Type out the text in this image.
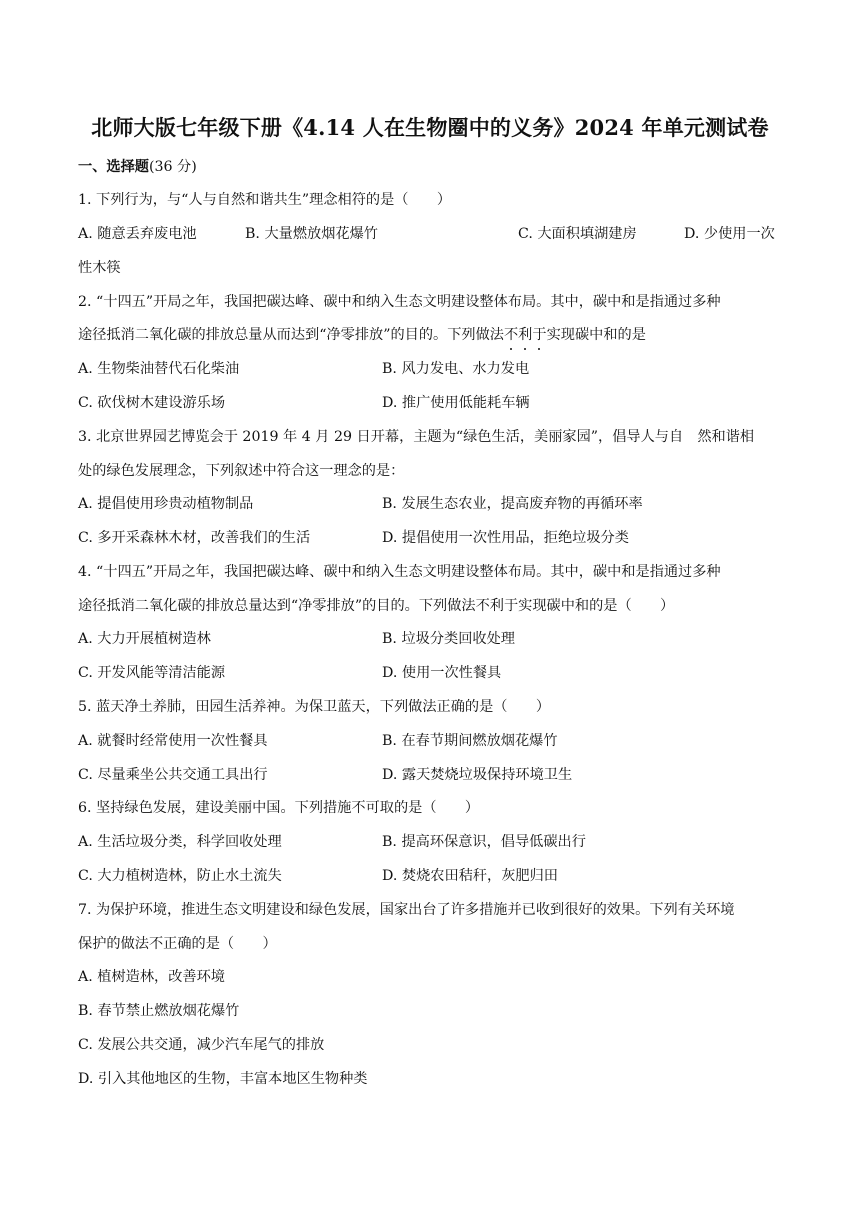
北师大版七年级下册《4.14 人在生物圈中的义务》2024 年单元测试卷
一、选择题(36 分)
1. 下列行为，与“人与自然和谐共生”理念相符的是（　　）
A. 随意丢弃废电池	B. 大量燃放烟花爆竹	C. 大面积填湖建房	D. 少使用一次
性木筷
2. “十四五”开局之年，我国把碳达峰、碳中和纳入生态文明建设整体布局。其中，碳中和是指通过多种
途径抵消二氧化碳的排放总量从而达到“净零排放”的目的。下列做法不利于实现碳中和的是
A. 生物柴油替代石化柴油	B. 风力发电、水力发电
C. 砍伐树木建设游乐场	D. 推广使用低能耗车辆
3. 北京世界园艺博览会于 2019 年 4 月 29 日开幕，主题为“绿色生活，美丽家园”，倡导人与自　然和谐相
处的绿色发展理念，下列叙述中符合这一理念的是：
A. 提倡使用珍贵动植物制品	B. 发展生态农业，提高废弃物的再循环率
C. 多开采森林木材，改善我们的生活	D. 提倡使用一次性用品，拒绝垃圾分类
4. “十四五”开局之年，我国把碳达峰、碳中和纳入生态文明建设整体布局。其中，碳中和是指通过多种
途径抵消二氧化碳的排放总量达到“净零排放”的目的。下列做法不利于实现碳中和的是（　　）
A. 大力开展植树造林	B. 垃圾分类回收处理
C. 开发风能等清洁能源	D. 使用一次性餐具
5. 蓝天净土养肺，田园生活养神。为保卫蓝天，下列做法正确的是（　　）
A. 就餐时经常使用一次性餐具	B. 在春节期间燃放烟花爆竹
C. 尽量乘坐公共交通工具出行	D. 露天焚烧垃圾保持环境卫生
6. 坚持绿色发展，建设美丽中国。下列措施不可取的是（　　）
A. 生活垃圾分类，科学回收处理	B. 提高环保意识，倡导低碳出行
C. 大力植树造林，防止水土流失	D. 焚烧农田秸秆，灰肥归田
7. 为保护环境，推进生态文明建设和绿色发展，国家出台了许多措施并已收到很好的效果。下列有关环境
保护的做法不正确的是（　　）
A. 植树造林，改善环境
B. 春节禁止燃放烟花爆竹
C. 发展公共交通，减少汽车尾气的排放
D. 引入其他地区的生物，丰富本地区生物种类
